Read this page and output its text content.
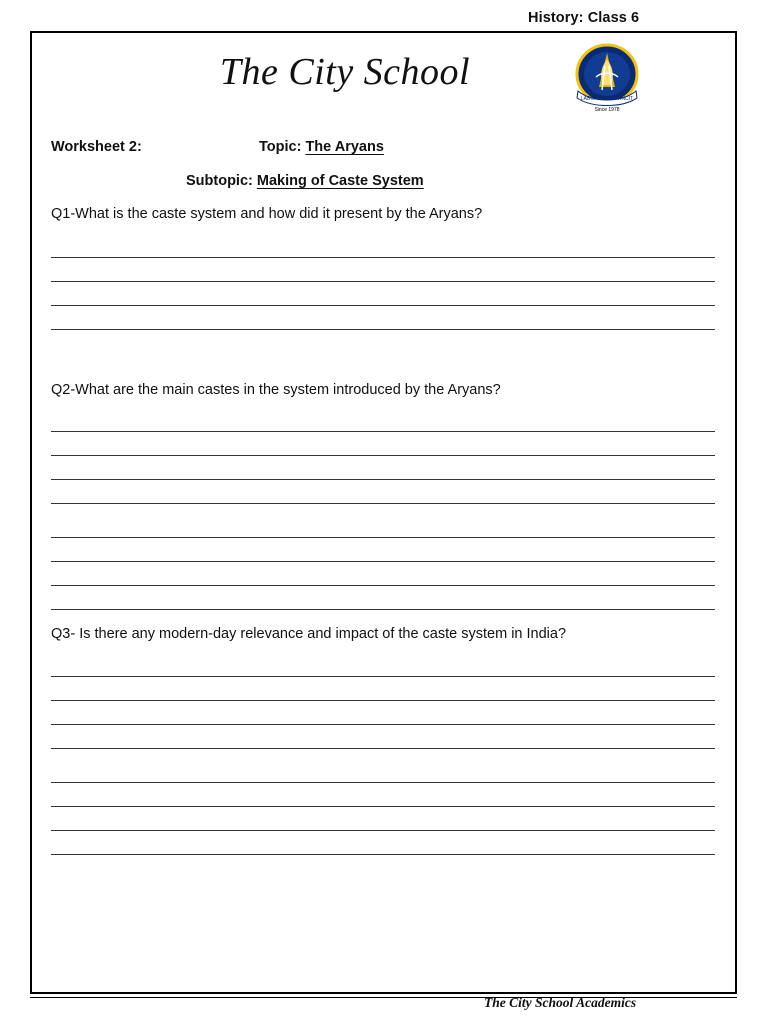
History: Class 6
The City School
LABOR OMNIA VINCIT
Since 1978
Worksheet 2:	Topic: The Aryans
Subtopic: Making of Caste System
Q1-What is the caste system and how did it present by the Aryans?
Q2-What are the main castes in the system introduced by the Aryans?
Q3- Is there any modern-day relevance and impact of the caste system in India?
The City School Academics
